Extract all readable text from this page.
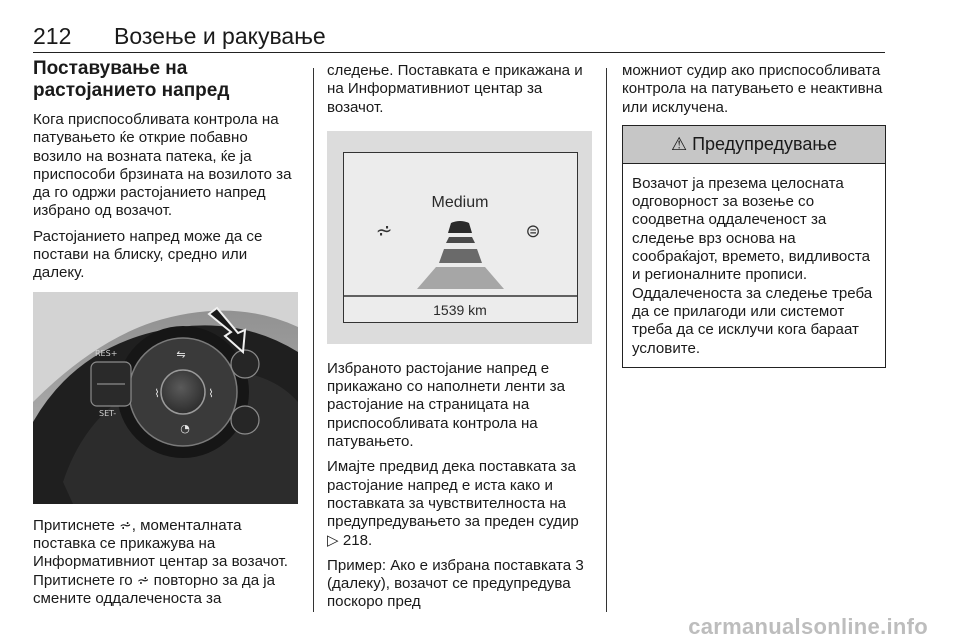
212 Возење и ракување
Поставување на растојанието напред

Кога приспособливата контрола на патувањето ќе открие побавно возило на возната патека, ќе ја приспособи брзината на возилото за да го одржи растојанието напред избрано од возачот.

Растојанието напред може да се постави на блиску, средно или далеку.

⇋
⌇	⌇
◔
RES+
SET-

Притиснете ⩫, моменталната поставка се прикажува на Информативниот центар за возачот. Притиснете го ⩫ повторно за да ја смените оддалеченоста за

следење. Поставката е прикажана и на Информативниот центар за возачот.

Medium
⩫	⊜
1539 km

Избраното растојание напред е прикажано со наполнети ленти за растојание на страницата на приспособливата контрола на патувањето.

Имајте предвид дека поставката за растојание напред е иста како и поставката за чувствителноста на предупредувањето за преден судир ▷ 218.

Пример: Ако е избрана поставката 3 (далеку), возачот се предупредува поскоро пред

можниот судир ако приспособливата контрола на патувањето е неактивна или исклучена.

⚠ Предупредување

Возачот ја презема целосната одговорност за возење со соодветна оддалеченост за следење врз основа на сообраќајот, времето, видливоста и регионалните прописи. Оддалеченоста за следење треба да се прилагоди или системот треба да се исклучи кога бараат условите.

carmanualsonline.info
